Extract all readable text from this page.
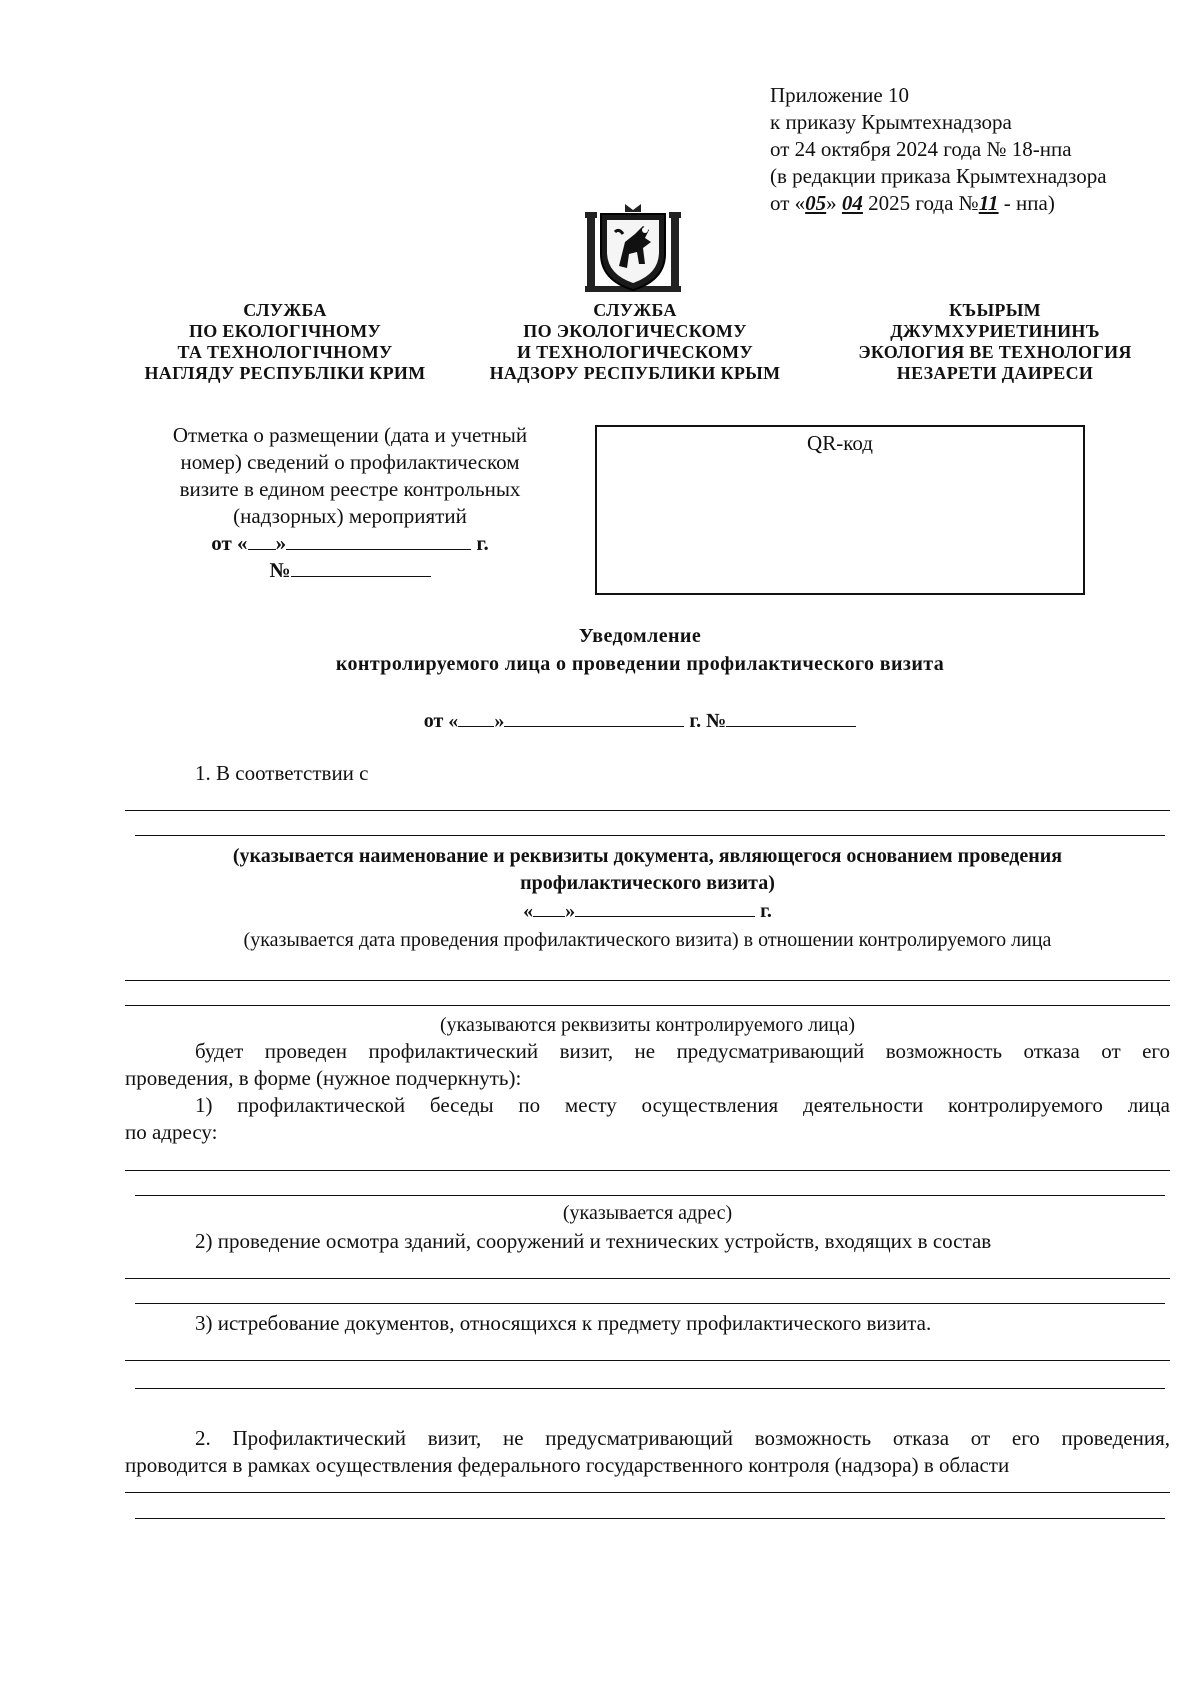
Приложение 10
к приказу Крымтехнадзора
от 24 октября 2024 года № 18-нпа
(в редакции приказа Крымтехнадзора
от «05» 04 2025 года №11 - нпа)
СЛУЖБА
ПО ЕКОЛОГІЧНОМУ
ТА ТЕХНОЛОГІЧНОМУ
НАГЛЯДУ РЕСПУБЛІКИ КРИМ
СЛУЖБА
ПО ЭКОЛОГИЧЕСКОМУ
И ТЕХНОЛОГИЧЕСКОМУ
НАДЗОРУ РЕСПУБЛИКИ КРЫМ
КЪЫРЫМ
ДЖУМХУРИЕТИНИНЪ
ЭКОЛОГИЯ ВЕ ТЕХНОЛОГИЯ
НЕЗАРЕТИ ДАИРЕСИ
Отметка о размещении (дата и учетный
номер) сведений о профилактическом
визите в едином реестре контрольных
(надзорных) мероприятий
от « »	г.
№
QR-код
Уведомление
контролируемого лица о проведении профилактического визита
от « »	г. №
1. В соответствии с
(указывается наименование и реквизиты документа, являющегося основанием проведения
профилактического визита)
« »	г.
(указывается дата проведения профилактического визита) в отношении контролируемого лица
(указываются реквизиты контролируемого лица)
будет проведен профилактический визит, не предусматривающий возможность отказа от его
проведения, в форме (нужное подчеркнуть):
1) профилактической беседы по месту осуществления деятельности контролируемого лица
по адресу:
(указывается адрес)
2) проведение осмотра зданий, сооружений и технических устройств, входящих в состав
3) истребование документов, относящихся к предмету профилактического визита.
2. Профилактический визит, не предусматривающий возможность отказа от его проведения,
проводится в рамках осуществления федерального государственного контроля (надзора) в области
